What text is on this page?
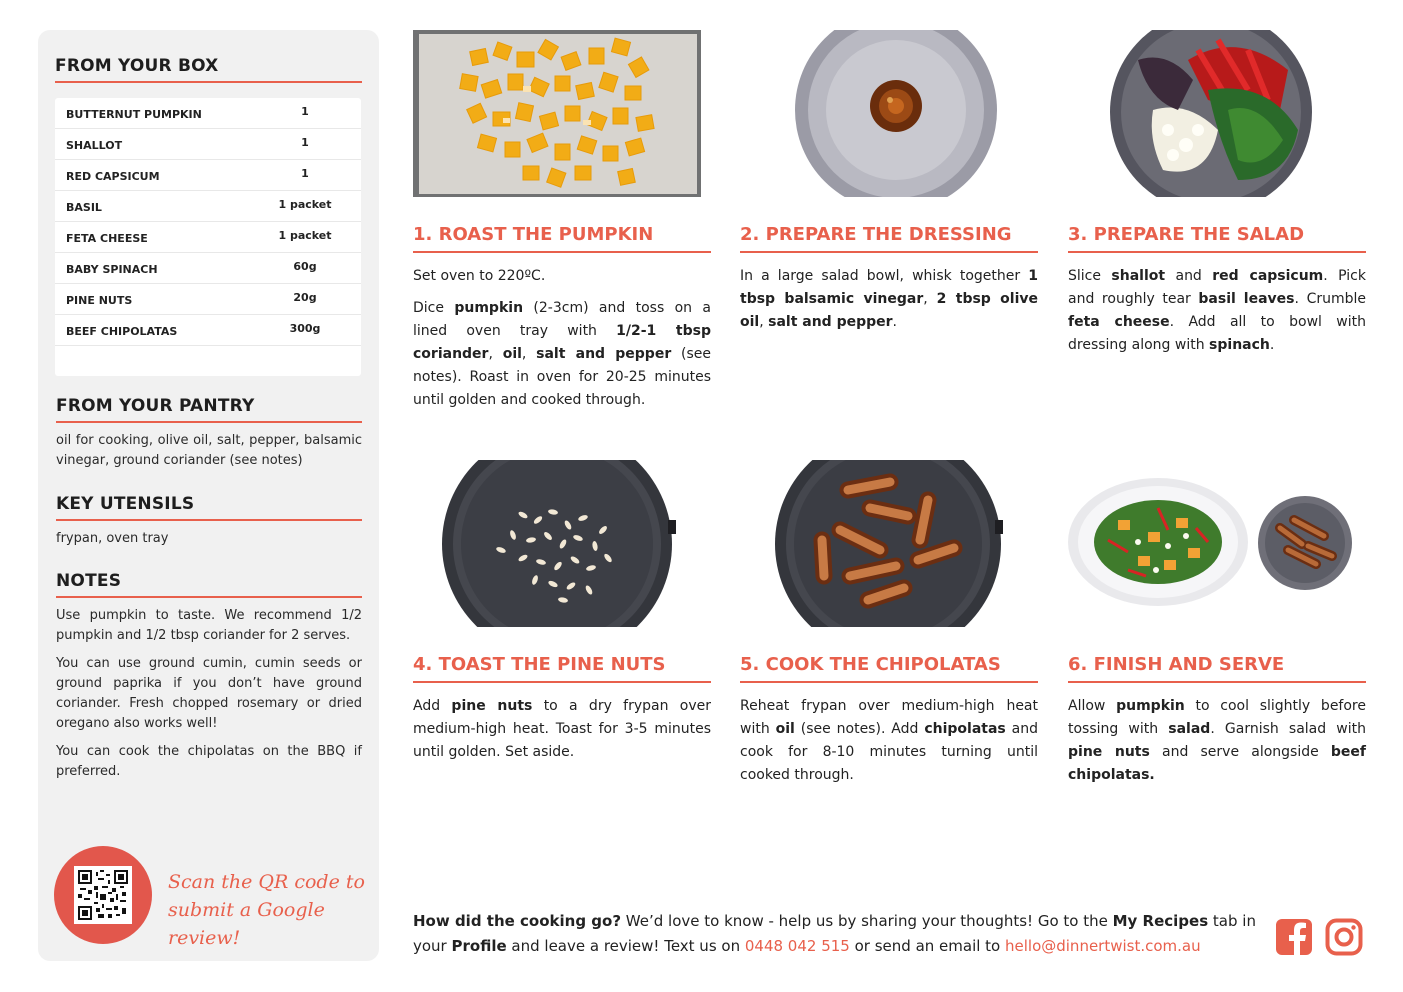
FROM YOUR BOX
BUTTERNUT PUMPKIN	1
SHALLOT	1
RED CAPSICUM	1
BASIL	1 packet
FETA CHEESE	1 packet
BABY SPINACH	60g
PINE NUTS	20g
BEEF CHIPOLATAS	300g
FROM YOUR PANTRY

oil for cooking, olive oil, salt, pepper, balsamic vinegar, ground coriander (see notes)

KEY UTENSILS

frypan, oven tray

NOTES

Use pumpkin to taste. We recommend 1/2 pumpkin and 1/2 tbsp coriander for 2 serves.

You can use ground cumin, cumin seeds or ground paprika if you don’t have ground coriander. Fresh chopped rosemary or dried oregano also works well!

You can cook the chipolatas on the BBQ if preferred.

Scan the QR code to
submit a Google review!
1. ROAST THE PUMPKIN

Set oven to 220ºC.

Dice pumpkin (2-3cm) and toss on a lined oven tray with 1/2-1 tbsp coriander, oil, salt and pepper (see notes). Roast in oven for 20-25 minutes until golden and cooked through.

2. PREPARE THE DRESSING

In a large salad bowl, whisk together 1 tbsp balsamic vinegar, 2 tbsp olive oil, salt and pepper.

3. PREPARE THE SALAD

Slice shallot and red capsicum. Pick and roughly tear basil leaves. Crumble feta cheese. Add all to bowl with dressing along with spinach.

4. TOAST THE PINE NUTS

Add pine nuts to a dry frypan over medium-high heat. Toast for 3-5 minutes until golden. Set aside.

5. COOK THE CHIPOLATAS

Reheat frypan over medium-high heat with oil (see notes). Add chipolatas and cook for 8-10 minutes turning until cooked through.

6. FINISH AND SERVE

Allow pumpkin to cool slightly before tossing with salad. Garnish salad with pine nuts and serve alongside beef chipolatas.

How did the cooking go? We’d love to know - help us by sharing your thoughts! Go to the My Recipes tab in your Profile and leave a review! Text us on 0448 042 515 or send an email to hello@dinnertwist.com.au
